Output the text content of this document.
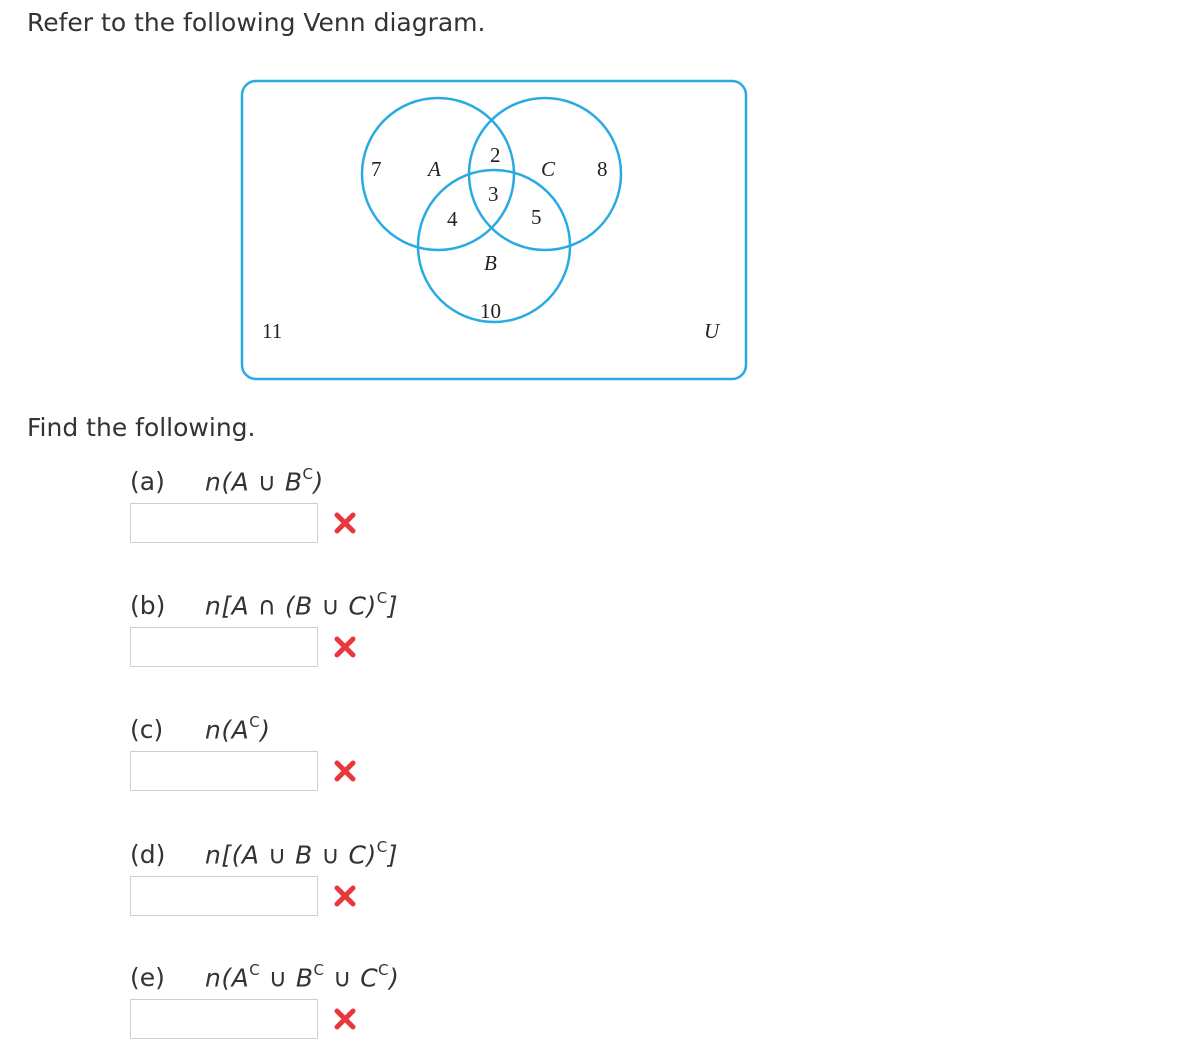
Refer to the following Venn diagram.

7 A
2
3
4	5
C 8
B
10
11	U

Find the following.

(a)	n(A ∪ $B^C$)
(b)	n[A ∩ (B ∪ C)$^C$]
(c)	$n(A^C)$
(d)	n[(A ∪ B ∪ C)$^C$]
(e)	$n(A^C$ ∪ $B^C$ ∪ $C^C$)
